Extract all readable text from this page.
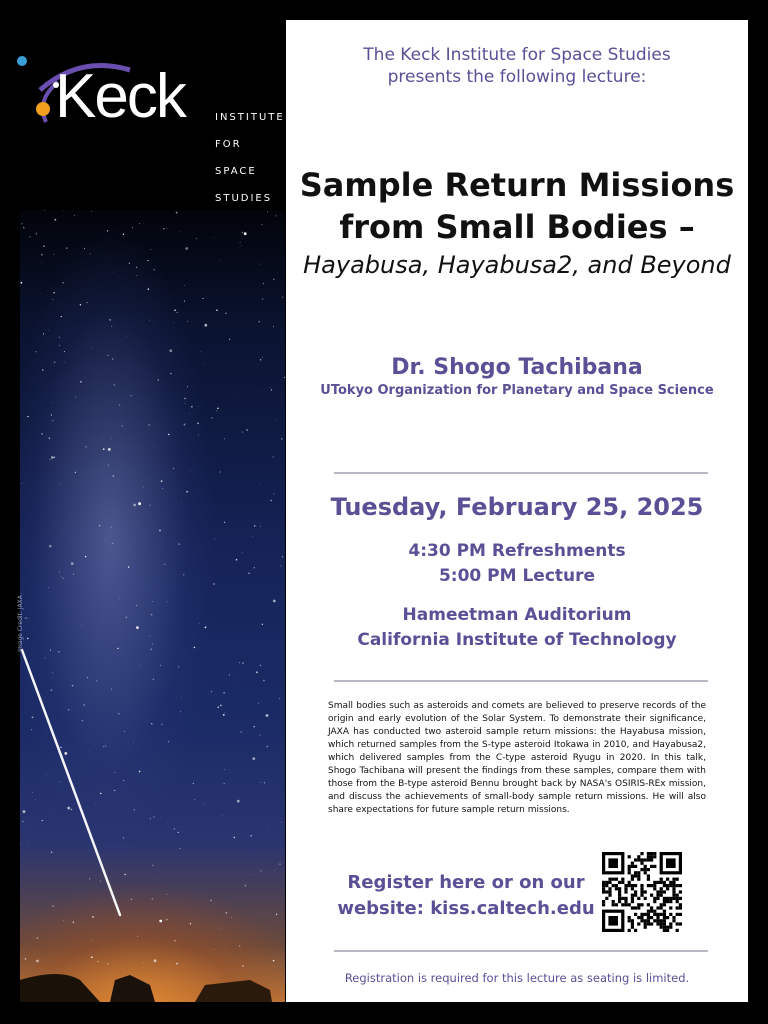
Keck	INSTITUTE
FOR
SPACE
STUDIES
Image Credit: JAXA
The Keck Institute for Space Studies
presents the following lecture:
Sample Return Missions
from Small Bodies –
Hayabusa, Hayabusa2, and Beyond
Dr. Shogo Tachibana
UTokyo Organization for Planetary and Space Science
Tuesday, February 25, 2025
4:30 PM Refreshments
5:00 PM Lecture
Hameetman Auditorium
California Institute of Technology
Small bodies such as asteroids and comets are believed to preserve records of the origin and early evolution of the Solar System. To demonstrate their significance, JAXA has conducted two asteroid sample return missions: the Hayabusa mission, which returned samples from the S-type asteroid Itokawa in 2010, and Hayabusa2, which delivered samples from the C-type asteroid Ryugu in 2020. In this talk, Shogo Tachibana will present the findings from these samples, compare them with those from the B-type asteroid Bennu brought back by NASA's OSIRIS-REx mission, and discuss the achievements of small-body sample return missions. He will also share expectations for future sample return missions.
Register here or on our
website: kiss.caltech.edu
Registration is required for this lecture as seating is limited.
